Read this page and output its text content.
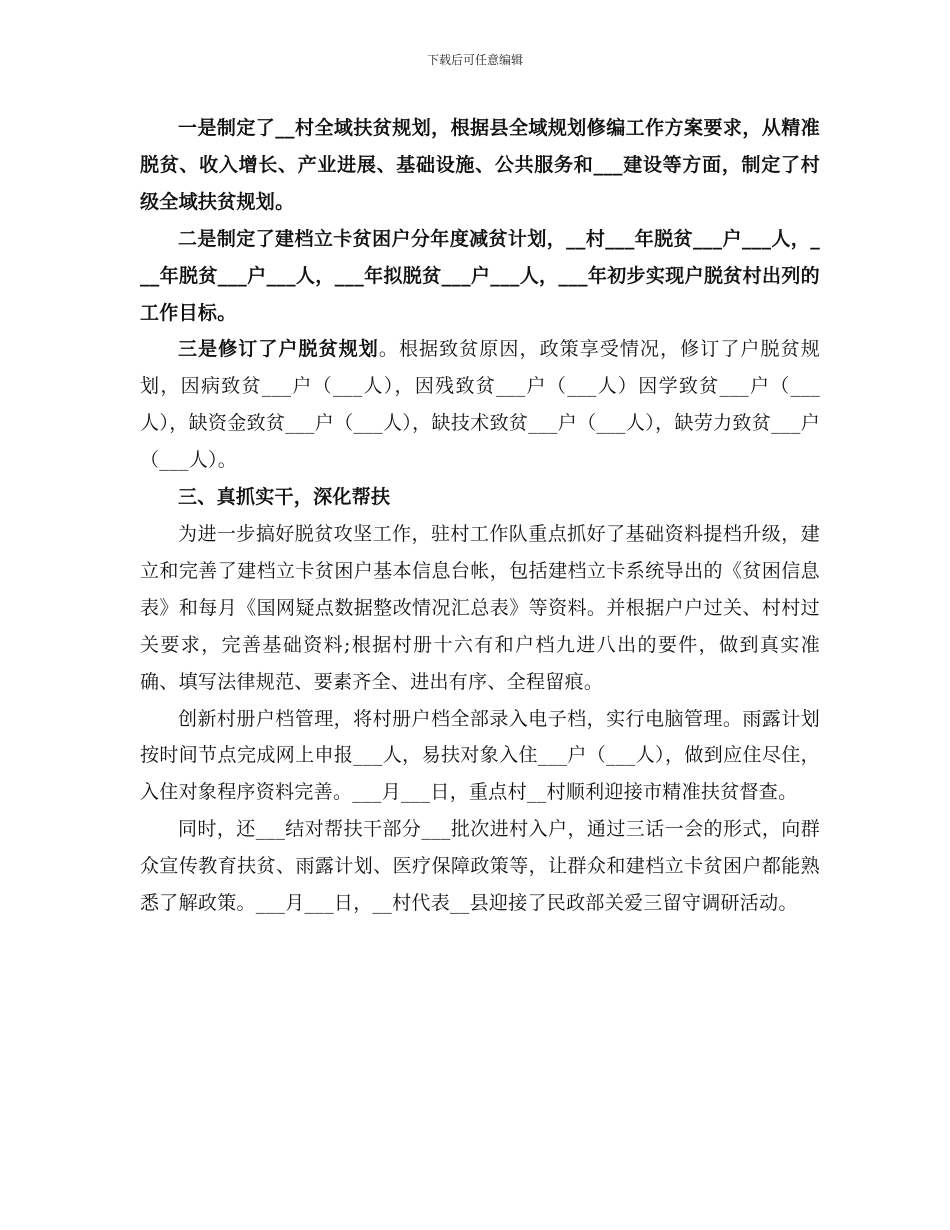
下载后可任意编辑

一是制定了__村全域扶贫规划，根据县全域规划修编工作方案要求，从精准脱贫、收入增长、产业进展、基础设施、公共服务和___建设等方面，制定了村级全域扶贫规划。

二是制定了建档立卡贫困户分年度减贫计划，__村___年脱贫___户___人，___年脱贫___户___人，___年拟脱贫___户___人，___年初步实现户脱贫村出列的工作目标。

三是修订了户脱贫规划。根据致贫原因，政策享受情况，修订了户脱贫规划，因病致贫___户（___人），因残致贫___户（___人）因学致贫___户（___人），缺资金致贫___户（___人），缺技术致贫___户（___人），缺劳力致贫___户（___人）。

三、真抓实干，深化帮扶

为进一步搞好脱贫攻坚工作，驻村工作队重点抓好了基础资料提档升级，建立和完善了建档立卡贫困户基本信息台帐，包括建档立卡系统导出的《贫困信息表》和每月《国网疑点数据整改情况汇总表》等资料。并根据户户过关、村村过关要求，完善基础资料;根据村册十六有和户档九进八出的要件，做到真实准确、填写法律规范、要素齐全、进出有序、全程留痕。

创新村册户档管理，将村册户档全部录入电子档，实行电脑管理。雨露计划按时间节点完成网上申报___人，易扶对象入住___户（___人），做到应住尽住，入住对象程序资料完善。___月___日，重点村__村顺利迎接市精准扶贫督查。

同时，还___结对帮扶干部分___批次进村入户，通过三话一会的形式，向群众宣传教育扶贫、雨露计划、医疗保障政策等，让群众和建档立卡贫困户都能熟悉了解政策。___月___日，__村代表__县迎接了民政部关爱三留守调研活动。
